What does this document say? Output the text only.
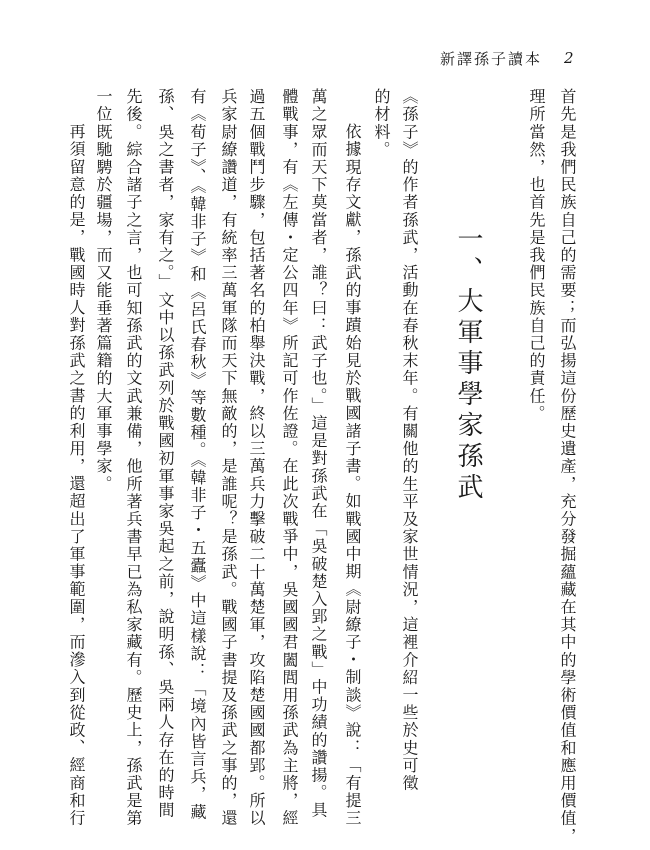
新譯孫子讀本 2
首先是我們民族自己的需要；而弘揚這份歷史遺產，充分發掘蘊藏在其中的學術價值和應用價值，
理所當然，也首先是我們民族自己的責任。
一、大軍事學家孫武
《孫子》的作者孫武，活動在春秋末年。有關他的生平及家世情況，這裡介紹一些於史可徵
的材料。
依據現存文獻，孫武的事蹟始見於戰國諸子書。如戰國中期《尉繚子・制談》說：「有提三
萬之眾而天下莫當者，誰？曰：武子也。」這是對孫武在「吳破楚入郢之戰」中功績的讚揚。具
體戰事，有《左傳・定公四年》所記可作佐證。在此次戰爭中，吳國國君闔閭用孫武為主將，經
過五個戰鬥步驟，包括著名的柏舉決戰，終以三萬兵力擊破二十萬楚軍，攻陷楚國國都郢。所以
兵家尉繚讚道，有統率三萬軍隊而天下無敵的，是誰呢？是孫武。戰國子書提及孫武之事的，還
有《荀子》、《韓非子》和《呂氏春秋》等數種。《韓非子・五蠹》中這樣說：「境內皆言兵，藏
孫、吳之書者，家有之。」文中以孫武列於戰國初軍事家吳起之前，說明孫、吳兩人存在的時間
先後。綜合諸子之言，也可知孫武的文武兼備，他所著兵書早已為私家藏有。歷史上，孫武是第
一位既馳騁於疆場，而又能垂著篇籍的大軍事學家。
再須留意的是，戰國時人對孫武之書的利用，還超出了軍事範圍，而滲入到從政、經商和行
